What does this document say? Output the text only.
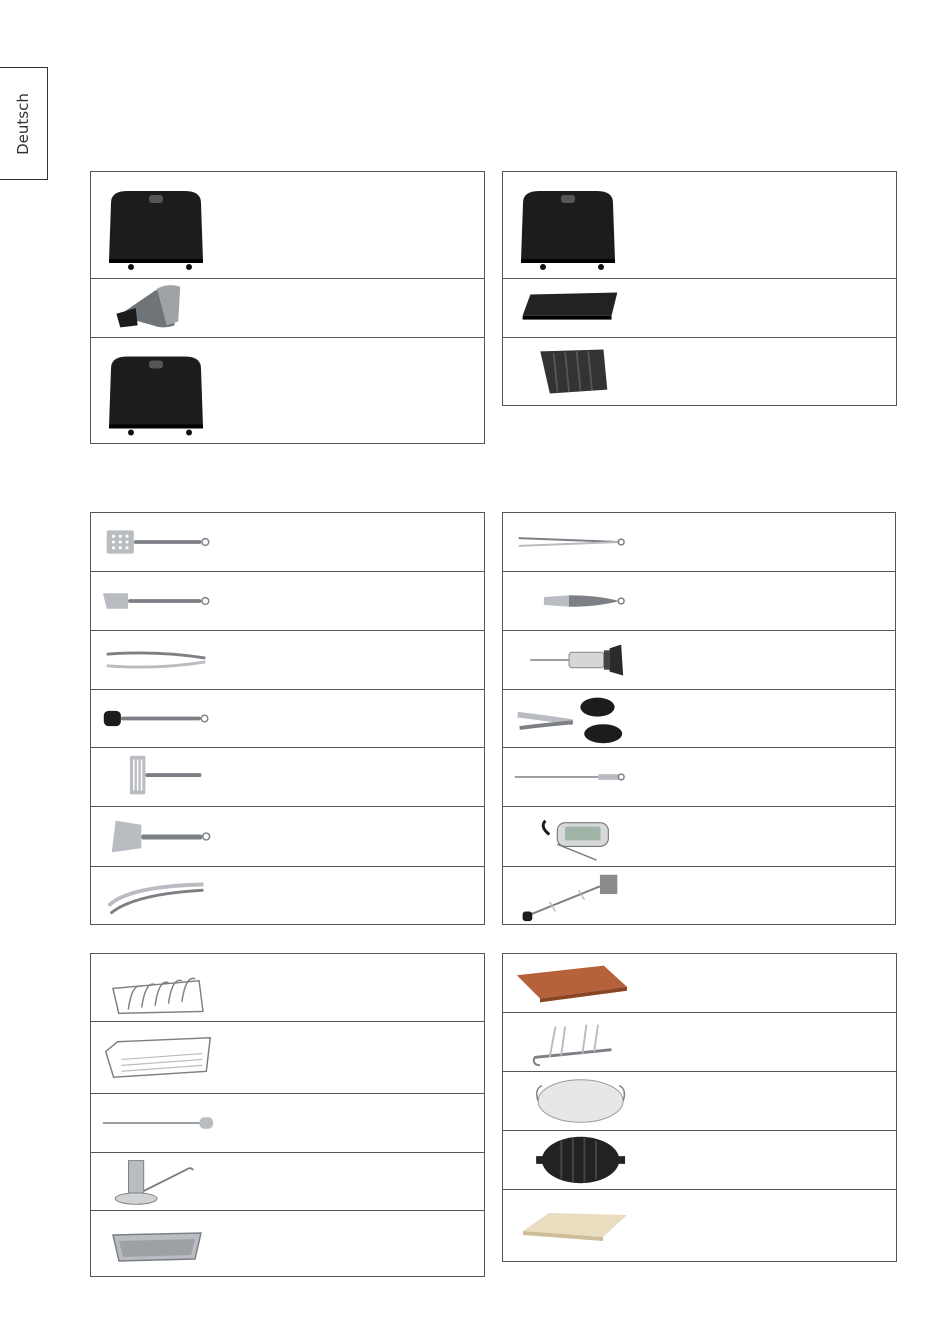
Deutsch
